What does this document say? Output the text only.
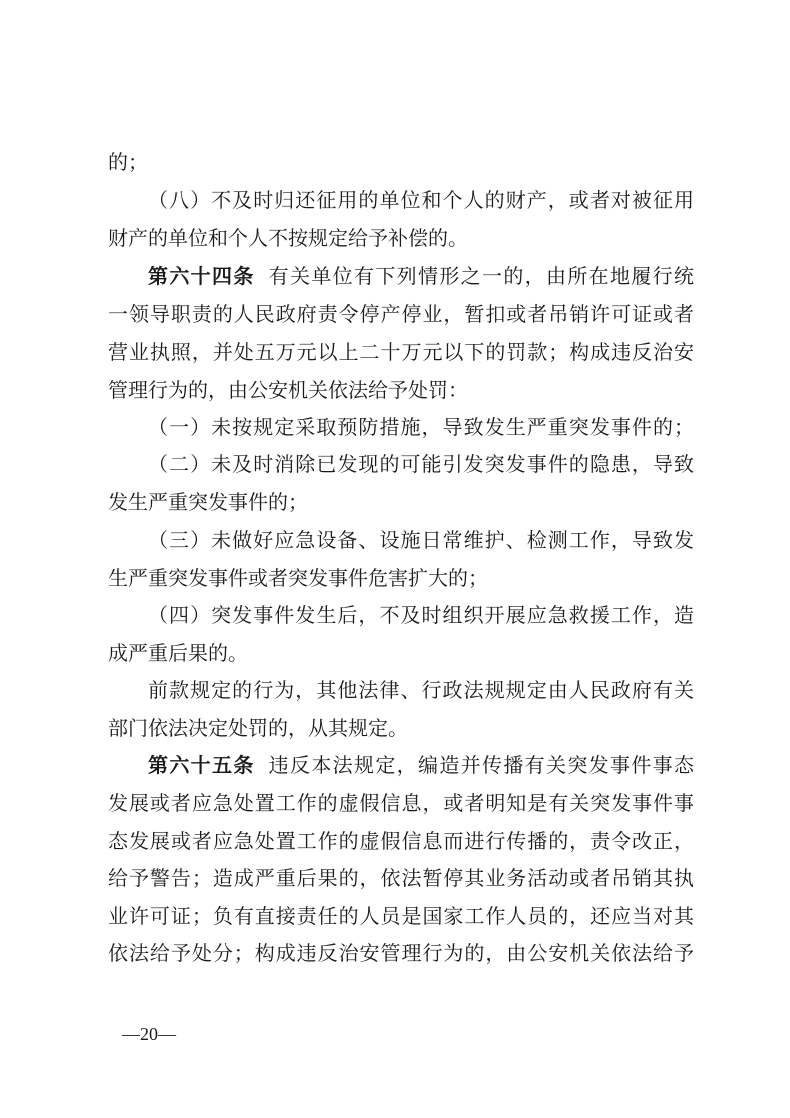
的；
（八）不及时归还征用的单位和个人的财产，或者对被征用
财产的单位和个人不按规定给予补偿的。
第六十四条 有关单位有下列情形之一的，由所在地履行统
一领导职责的人民政府责令停产停业，暂扣或者吊销许可证或者
营业执照，并处五万元以上二十万元以下的罚款；构成违反治安
管理行为的，由公安机关依法给予处罚：
（一）未按规定采取预防措施，导致发生严重突发事件的；
（二）未及时消除已发现的可能引发突发事件的隐患，导致
发生严重突发事件的；
（三）未做好应急设备、设施日常维护、检测工作，导致发
生严重突发事件或者突发事件危害扩大的；
（四）突发事件发生后，不及时组织开展应急救援工作，造
成严重后果的。
前款规定的行为，其他法律、行政法规规定由人民政府有关
部门依法决定处罚的，从其规定。
第六十五条 违反本法规定，编造并传播有关突发事件事态
发展或者应急处置工作的虚假信息，或者明知是有关突发事件事
态发展或者应急处置工作的虚假信息而进行传播的，责令改正，
给予警告；造成严重后果的，依法暂停其业务活动或者吊销其执
业许可证；负有直接责任的人员是国家工作人员的，还应当对其
依法给予处分；构成违反治安管理行为的，由公安机关依法给予
—20—
